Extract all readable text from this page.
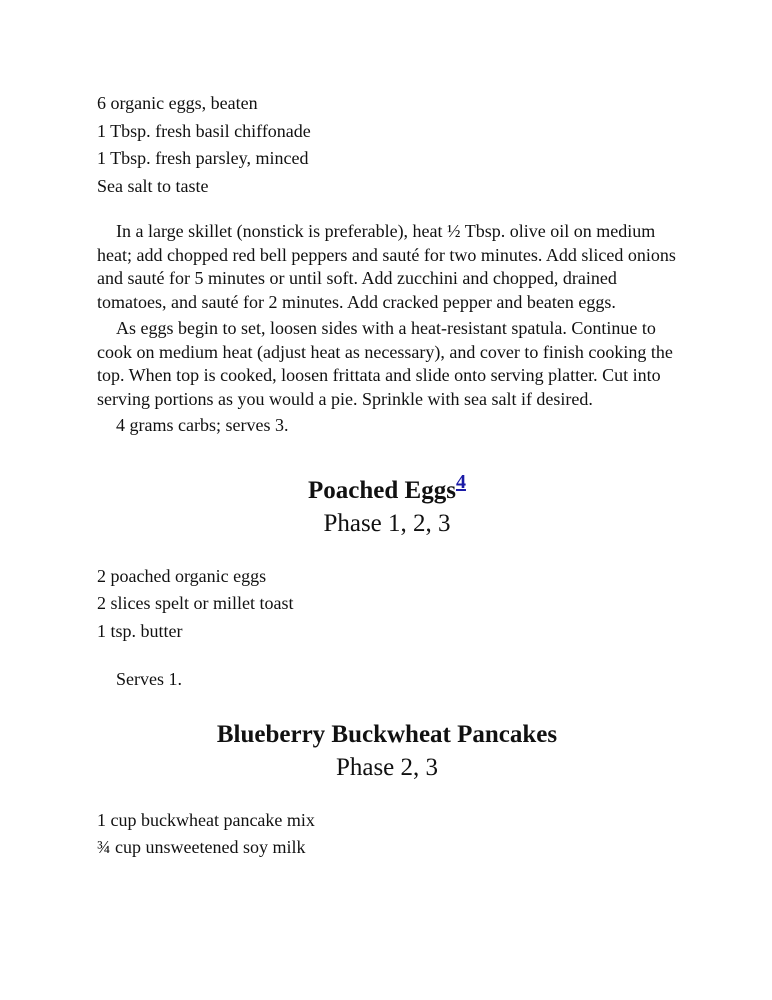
6 organic eggs, beaten

1 Tbsp. fresh basil chiffonade

1 Tbsp. fresh parsley, minced

Sea salt to taste

In a large skillet (nonstick is preferable), heat ½ Tbsp. olive oil on medium heat; add chopped red bell peppers and sauté for two minutes. Add sliced onions and sauté for 5 minutes or until soft. Add zucchini and chopped, drained tomatoes, and sauté for 2 minutes. Add cracked pepper and beaten eggs.

As eggs begin to set, loosen sides with a heat-resistant spatula. Continue to cook on medium heat (adjust heat as necessary), and cover to finish cooking the top. When top is cooked, loosen frittata and slide onto serving platter. Cut into serving portions as you would a pie. Sprinkle with sea salt if desired.

4 grams carbs; serves 3.

Poached Eggs$^4$

Phase 1, 2, 3

2 poached organic eggs

2 slices spelt or millet toast

1 tsp. butter

Serves 1.

Blueberry Buckwheat Pancakes

Phase 2, 3

1 cup buckwheat pancake mix

¾ cup unsweetened soy milk
